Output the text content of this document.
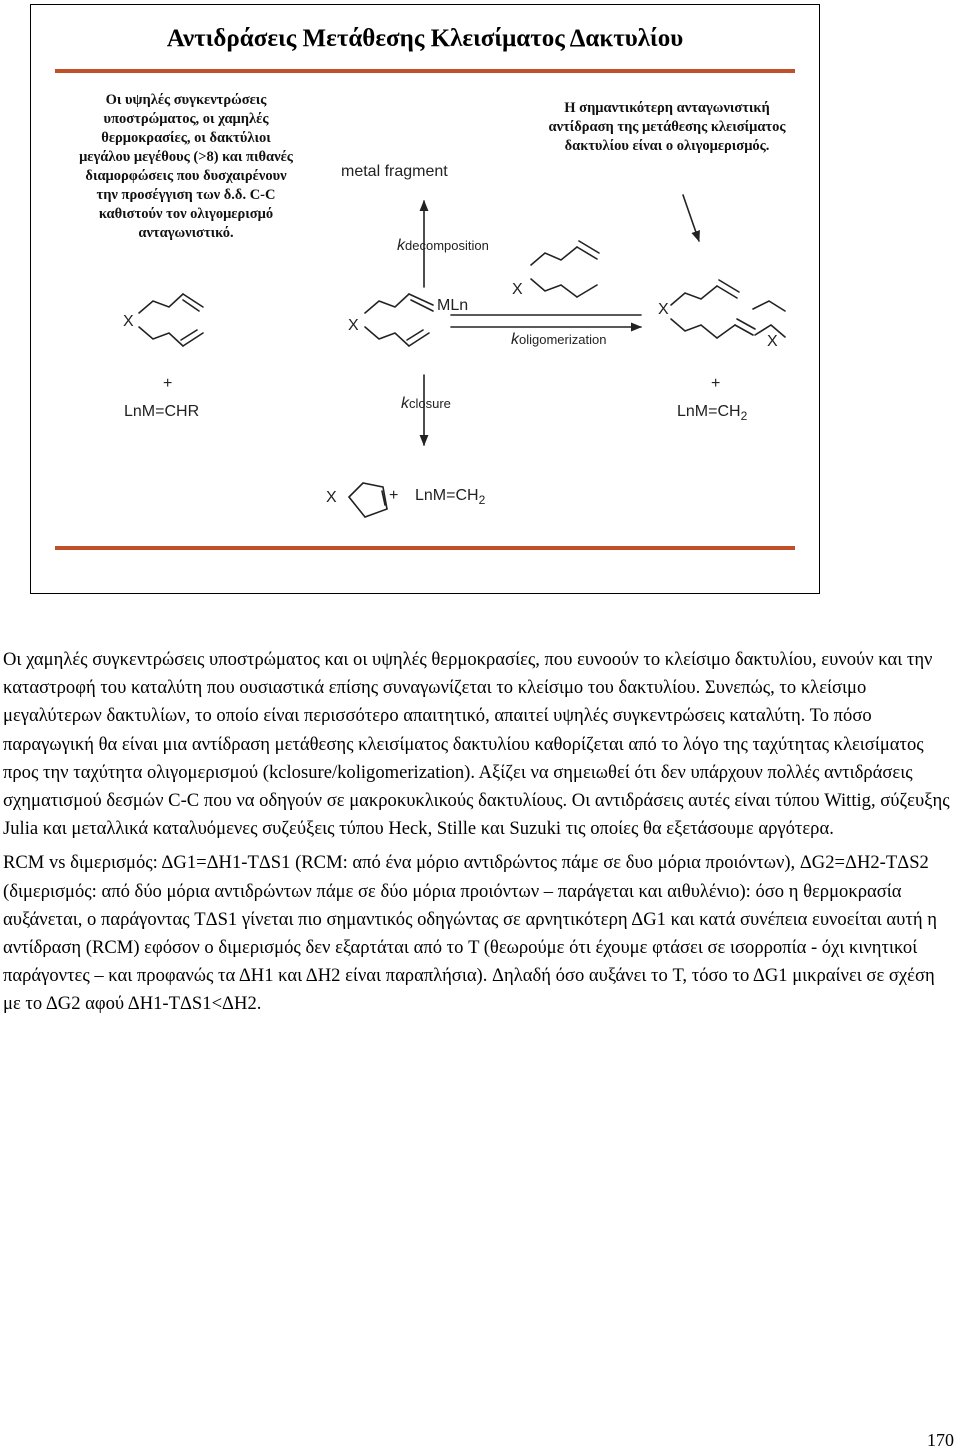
Αντιδράσεις Μετάθεσης Κλεισίματος Δακτυλίου
Οι υψηλές συγκεντρώσεις υποστρώματος, οι χαμηλές θερμοκρασίες, οι δακτύλιοι μεγάλου μεγέθους (>8) και πιθανές διαμορφώσεις που δυσχαιρένουν την προσέγγιση των δ.δ. C-C καθιστούν τον ολιγομερισμό ανταγωνιστικό.
Η σημαντικότερη ανταγωνιστική αντίδραση της μετάθεσης κλεισίματος δακτυλίου είναι ο ολιγομερισμός.
X	X
MLn
X
X
X
X
metal fragment
kdecomposition
koligomerization
kclosure
+
LnM=CHR
+
$LnM=CH_2$
+ $LnM=CH_2$

Οι χαμηλές συγκεντρώσεις υποστρώματος και οι υψηλές θερμοκρασίες, που ευνοούν το κλείσιμο δακτυλίου, ευνούν και την καταστροφή του καταλύτη που ουσιαστικά επίσης συναγωνίζεται το κλείσιμο του δακτυλίου. Συνεπώς, το κλείσιμο μεγαλύτερων δακτυλίων, το οποίο είναι περισσότερο απαιτητικό, απαιτεί υψηλές συγκεντρώσεις καταλύτη. Το πόσο παραγωγική θα είναι μια αντίδραση μετάθεσης κλεισίματος δακτυλίου καθορίζεται από το λόγο της ταχύτητας κλεισίματος προς την ταχύτητα ολιγομερισμού (kclosure/koligomerization). Αξίζει να σημειωθεί ότι δεν υπάρχουν πολλές αντιδράσεις σχηματισμού δεσμών C-C που να οδηγούν σε μακροκυκλικούς δακτυλίους. Οι αντιδράσεις αυτές είναι τύπου Wittig, σύζευξης Julia και μεταλλικά καταλυόμενες συζεύξεις τύπου Heck, Stille και Suzuki τις οποίες θα εξετάσουμε αργότερα.

RCM vs διμερισμός: ΔG1=ΔH1-TΔS1 (RCM: από ένα μόριο αντιδρώντος πάμε σε δυο μόρια προιόντων), ΔG2=ΔH2-TΔS2 (διμερισμός: από δύο μόρια αντιδρώντων πάμε σε δύο μόρια προιόντων – παράγεται και αιθυλένιο): όσο η θερμοκρασία αυξάνεται, ο παράγοντας TΔS1 γίνεται πιο σημαντικός οδηγώντας σε αρνητικότερη ΔG1 και κατά συνέπεια ευνοείται αυτή η αντίδραση (RCM) εφόσον ο διμερισμός δεν εξαρτάται από το T (θεωρούμε ότι έχουμε φτάσει σε ισορροπία - όχι κινητικοί παράγοντες – και προφανώς τα ΔH1 και ΔH2 είναι παραπλήσια). Δηλαδή όσο αυξάνει το T, τόσο το ΔG1 μικραίνει σε σχέση με το ΔG2 αφού ΔH1-TΔS1<ΔH2.

170
